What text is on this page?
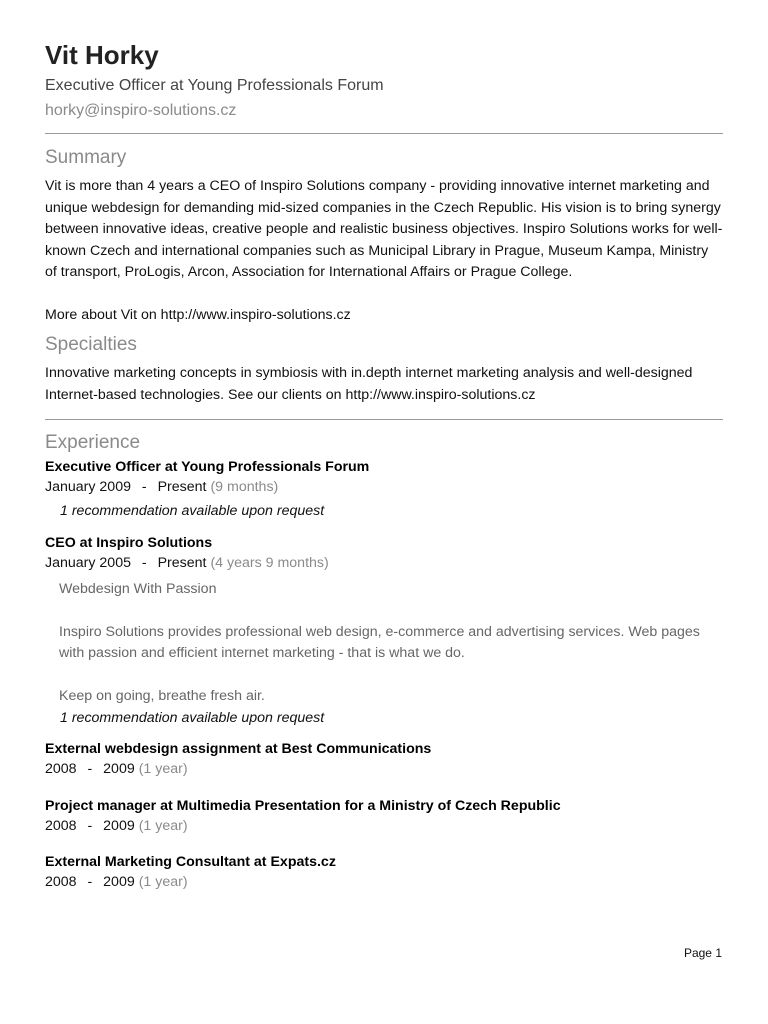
Vit Horky
Executive Officer at Young Professionals Forum
horky@inspiro-solutions.cz
Summary

Vit is more than 4 years a CEO of Inspiro Solutions company - providing innovative internet marketing and unique webdesign for demanding mid-sized companies in the Czech Republic. His vision is to bring synergy between innovative ideas, creative people and realistic business objectives. Inspiro Solutions works for well-known Czech and international companies such as Municipal Library in Prague, Museum Kampa, Ministry of transport, ProLogis, Arcon, Association for International Affairs or Prague College.

More about Vit on http://www.inspiro-solutions.cz

Specialties

Innovative marketing concepts in symbiosis with in.depth internet marketing analysis and well-designed Internet-based technologies. See our clients on http://www.inspiro-solutions.cz

Experience
Executive Officer at Young Professionals Forum
January 2009 - Present (9 months)
1 recommendation available upon request
CEO at Inspiro Solutions
January 2005 - Present (4 years 9 months)

Webdesign With Passion

Inspiro Solutions provides professional web design, e-commerce and advertising services. Web pages with passion and efficient internet marketing - that is what we do.

Keep on going, breathe fresh air.

1 recommendation available upon request
External webdesign assignment at Best Communications
2008 - 2009 (1 year)
Project manager at Multimedia Presentation for a Ministry of Czech Republic
2008 - 2009 (1 year)
External Marketing Consultant at Expats.cz
2008 - 2009 (1 year)
Page 1
